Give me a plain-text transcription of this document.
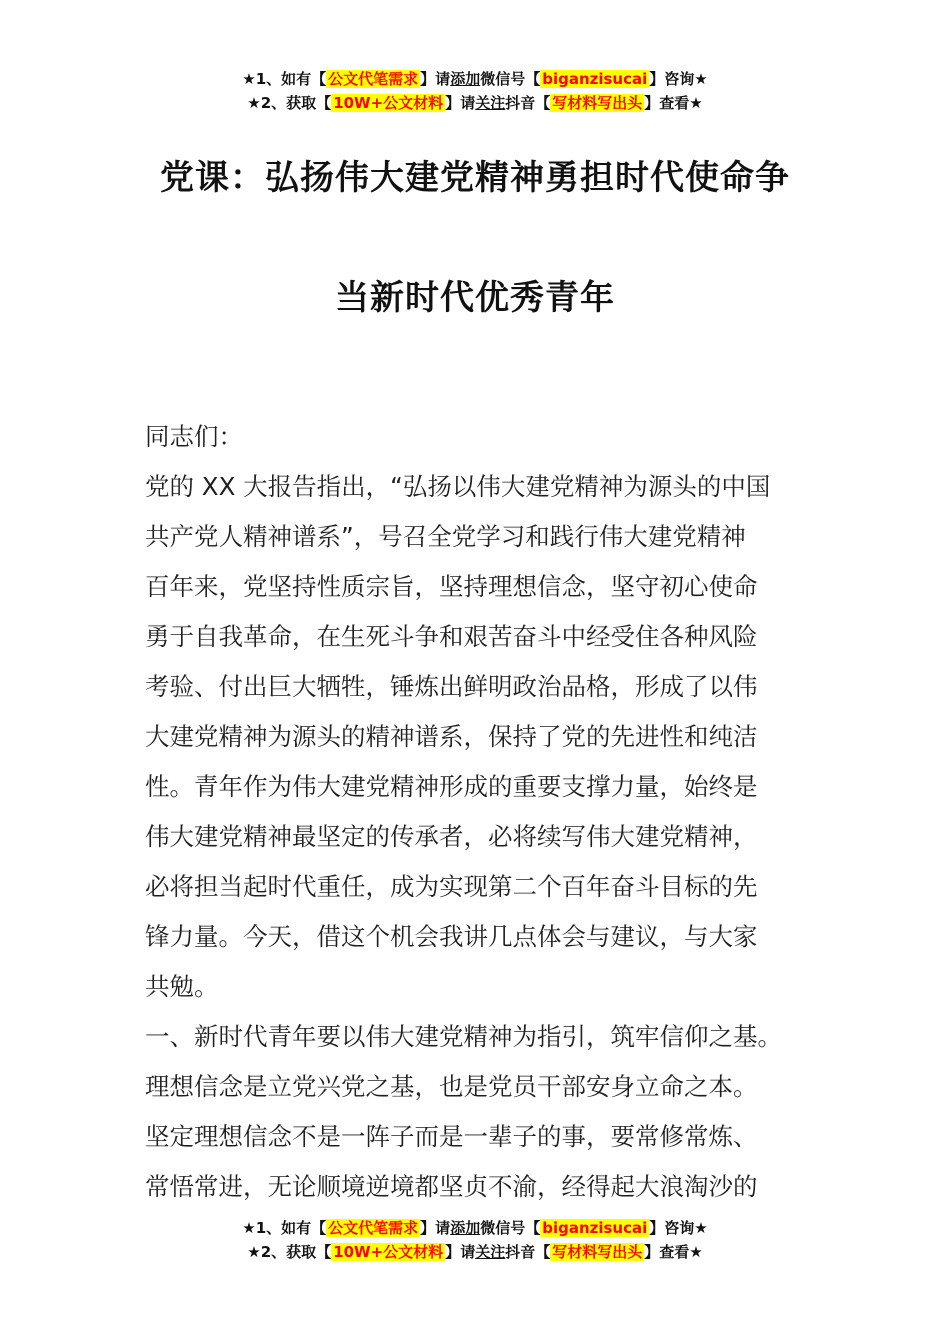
★1、如有【 公文代笔需求 】请添加微信号【 biganzisucai 】咨询★
★2、获取【 10W+公文材料 】请关注抖音【 写材料写出头 】查看★
党课：弘扬伟大建党精神勇担时代使命争
当新时代优秀青年
同志们：
党的 XX 大报告指出，“弘扬以伟大建党精神为源头的中国
共产党人精神谱系”，号召全党学习和践行伟大建党精神
百年来，党坚持性质宗旨，坚持理想信念，坚守初心使命
勇于自我革命，在生死斗争和艰苦奋斗中经受住各种风险
考验、付出巨大牺牲，锤炼出鲜明政治品格，形成了以伟
大建党精神为源头的精神谱系，保持了党的先进性和纯洁
性。青年作为伟大建党精神形成的重要支撑力量，始终是
伟大建党精神最坚定的传承者，必将续写伟大建党精神，
必将担当起时代重任，成为实现第二个百年奋斗目标的先
锋力量。今天，借这个机会我讲几点体会与建议，与大家
共勉。
一、新时代青年要以伟大建党精神为指引，筑牢信仰之基。
理想信念是立党兴党之基，也是党员干部安身立命之本。
坚定理想信念不是一阵子而是一辈子的事，要常修常炼、
常悟常进，无论顺境逆境都坚贞不渝，经得起大浪淘沙的
★1、如有【 公文代笔需求 】请添加微信号【 biganzisucai 】咨询★
★2、获取【 10W+公文材料 】请关注抖音【 写材料写出头 】查看★
